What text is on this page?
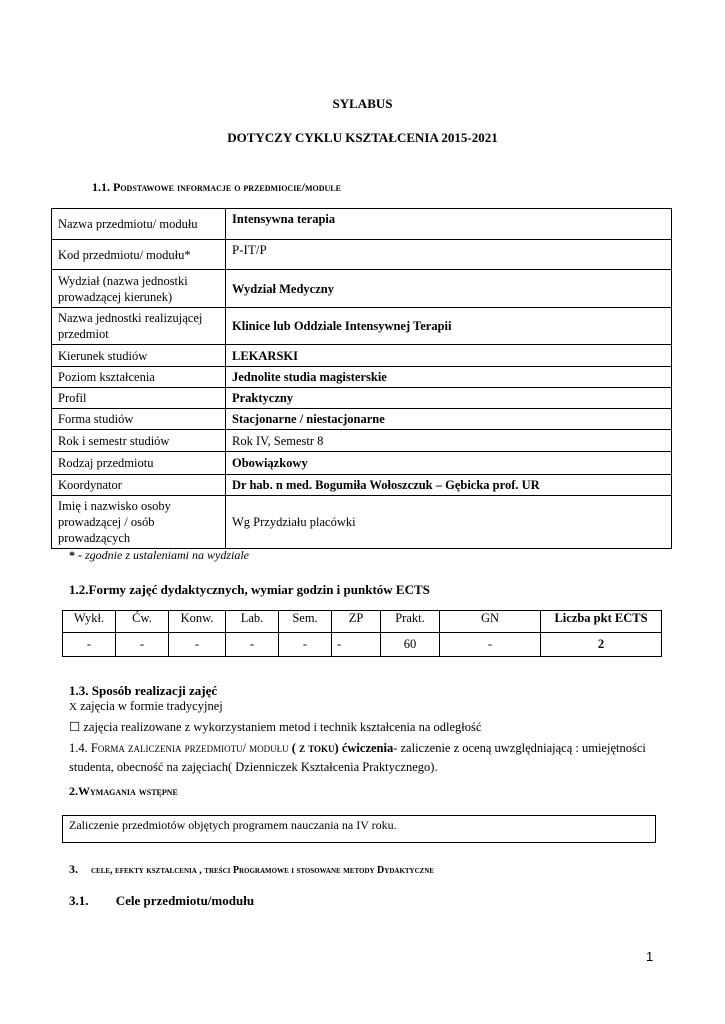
SYLABUS
DOTYCZY CYKLU KSZTAŁCENIA 2015-2021
1.1. Podstawowe informacje o przedmiocie/module
Nazwa przedmiotu/ modułu	Intensywna terapia
Kod przedmiotu/ modułu*	P-IT/P
Wydział (nazwa jednostki prowadzącej kierunek)	Wydział Medyczny
Nazwa jednostki realizującej przedmiot	Klinice lub Oddziale Intensywnej Terapii
Kierunek studiów	LEKARSKI
Poziom kształcenia	Jednolite studia magisterskie
Profil	Praktyczny
Forma studiów	Stacjonarne / niestacjonarne
Rok i semestr studiów	Rok IV, Semestr 8
Rodzaj przedmiotu	Obowiązkowy
Koordynator	Dr hab. n med. Bogumiła Wołoszczuk – Gębicka prof. UR
Imię i nazwisko osoby prowadzącej / osób prowadzących	Wg Przydziału placówki
* - zgodnie z ustaleniami na wydziale
1.2.Formy zajęć dydaktycznych, wymiar godzin i punktów ECTS
Wykł.	Ćw.	Konw.	Lab.	Sem.	ZP	Prakt.	GN	Liczba pkt ECTS
-	-	-	-	-	-	60	-	2
1.3. Sposób realizacji zajęć
X zajęcia w formie tradycyjnej
☐ zajęcia realizowane z wykorzystaniem metod i technik kształcenia na odległość
1.4. Forma zaliczenia przedmiotu/ modułu ( z toku) ćwiczenia- zaliczenie z oceną uwzględniającą : umiejętności studenta, obecność na zajęciach( Dzienniczek Kształcenia Praktycznego).
2.Wymagania wstępne
Zaliczenie przedmiotów objętych programem nauczania na IV roku.
3. cele, efekty kształcenia , treści Programowe i stosowane metody Dydaktyczne
3.1. Cele przedmiotu/modułu
1
